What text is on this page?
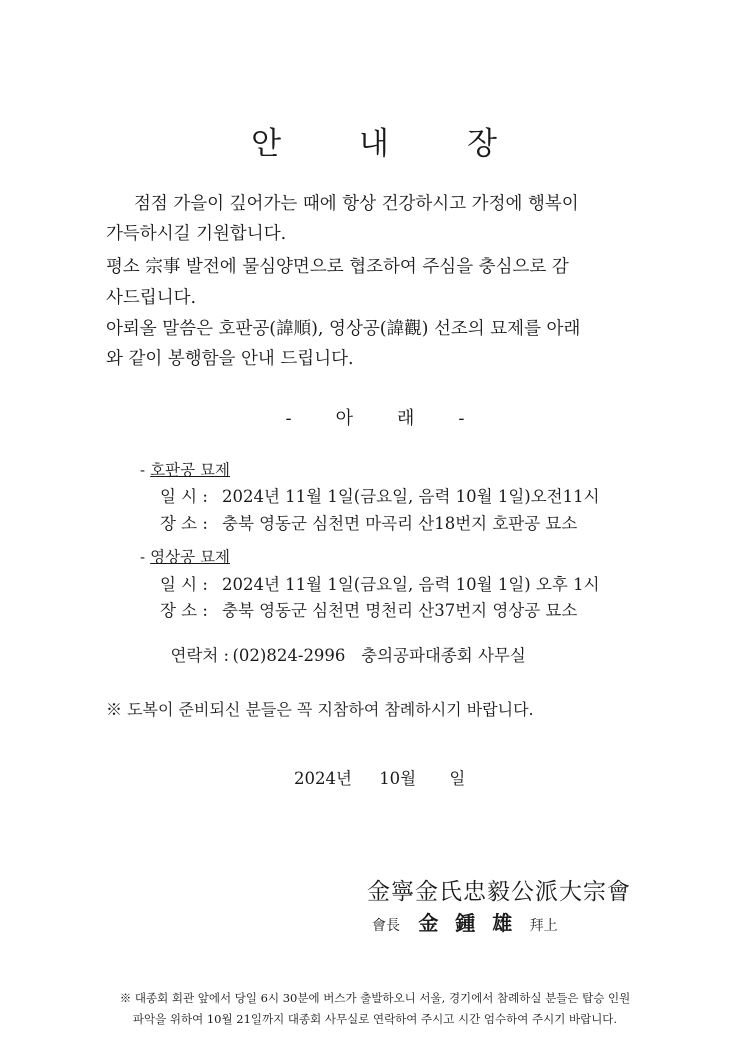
안 내 장
점점 가을이 깊어가는 때에 항상 건강하시고 가정에 행복이
가득하시길 기원합니다.
평소 宗事 발전에 물심양면으로 협조하여 주심을 충심으로 감
사드립니다.
아뢰올 말씀은 호판공(諱順), 영상공(諱觀) 선조의 묘제를 아래
와 같이 봉행함을 안내 드립니다.
- 아 래 -
- 호판공 묘제
일 시 : 2024년 11월 1일(금요일, 음력 10월 1일)오전11시
장 소 : 충북 영동군 심천면 마곡리 산18번지 호판공 묘소
- 영상공 묘제
일 시 : 2024년 11월 1일(금요일, 음력 10월 1일) 오후 1시
장 소 : 충북 영동군 심천면 명천리 산37번지 영상공 묘소

연락처 : (02)824-2996   충의공파대종회 사무실

※ 도복이 준비되신 분들은 꼭 지참하여 참례하시기 바랍니다.
2024년 10월 일
金寧金氏忠毅公派大宗會
會長 金  鍾  雄 拜上
※ 대종회 회관 앞에서 당일 6시 30분에 버스가 출발하오니 서울, 경기에서 참례하실 분들은 탑승 인원
파악을 위하여 10월 21일까지 대종회 사무실로 연락하여 주시고 시간 엄수하여 주시기 바랍니다.
